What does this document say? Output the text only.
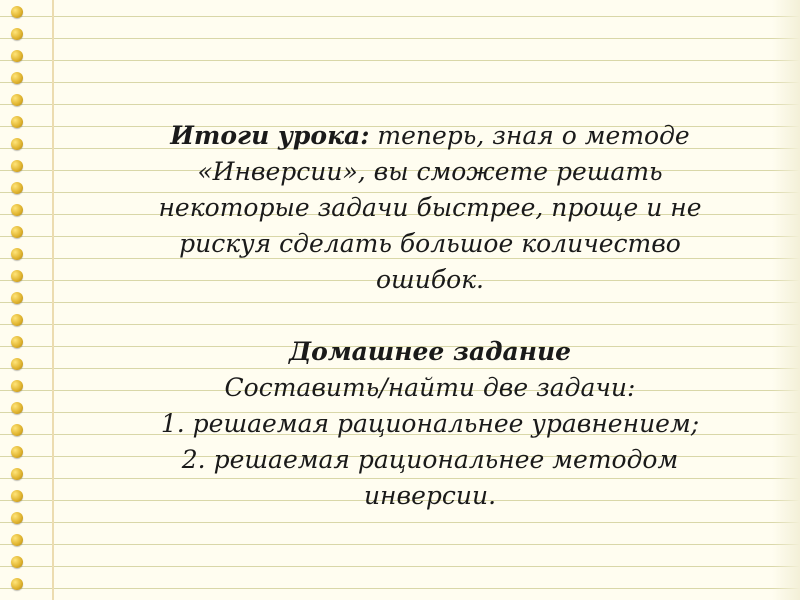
Итоги урока: теперь, зная о методе
«Инверсии», вы сможете решать
некоторые задачи быстрее, проще и не
рискуя сделать большое количество
ошибок.

Домашнее задание
Составить/найти две задачи:
1. решаемая рациональнее уравнением;
2. решаемая рациональнее методом
инверсии.
